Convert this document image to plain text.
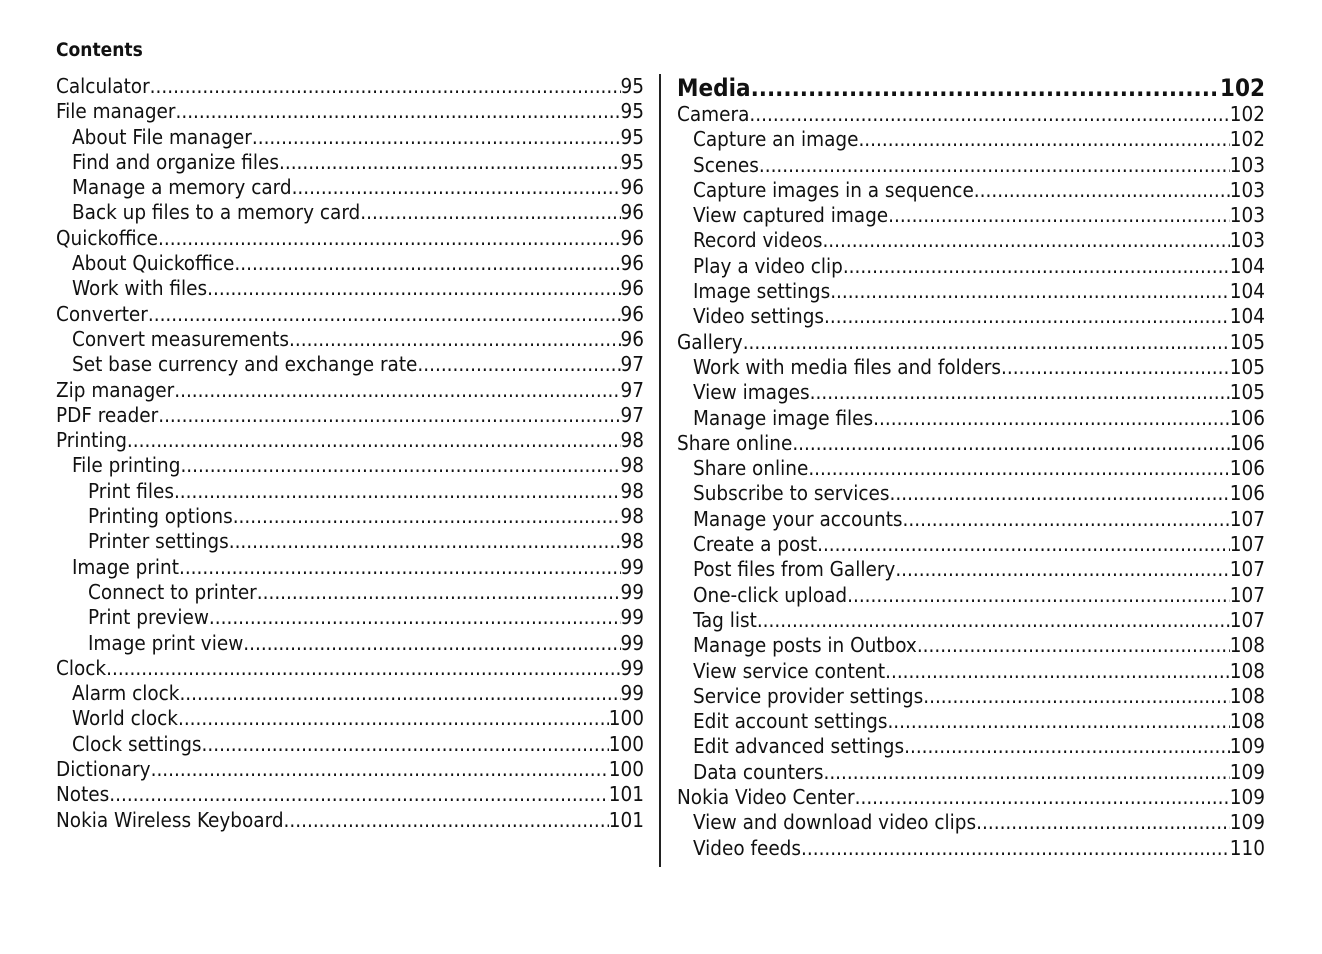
Contents
Calculator .....	95
File manager .....	95
About File manager .....	95
Find and organize files .....	95
Manage a memory card .....	96
Back up files to a memory card .....	96
Quickoffice .....	96
About Quickoffice .....	96
Work with files .....	96
Converter .....	96
Convert measurements .....	96
Set base currency and exchange rate .....	97
Zip manager .....	97
PDF reader .....	97
Printing .....	98
File printing .....	98
Print files .....	98
Printing options .....	98
Printer settings .....	98
Image print .....	99
Connect to printer .....	99
Print preview .....	99
Image print view .....	99
Clock .....	99
Alarm clock .....	99
World clock .....	100
Clock settings .....	100
Dictionary .....	100
Notes .....	101
Nokia Wireless Keyboard .....	101
Media .....	102
Camera .....	102
Capture an image .....	102
Scenes .....	103
Capture images in a sequence .....	103
View captured image .....	103
Record videos .....	103
Play a video clip .....	104
Image settings .....	104
Video settings .....	104
Gallery .....	105
Work with media files and folders .....	105
View images .....	105
Manage image files .....	106
Share online .....	106
Share online .....	106
Subscribe to services .....	106
Manage your accounts .....	107
Create a post .....	107
Post files from Gallery .....	107
One-click upload .....	107
Tag list .....	107
Manage posts in Outbox .....	108
View service content .....	108
Service provider settings .....	108
Edit account settings .....	108
Edit advanced settings .....	109
Data counters .....	109
Nokia Video Center .....	109
View and download video clips .....	109
Video feeds .....	110
